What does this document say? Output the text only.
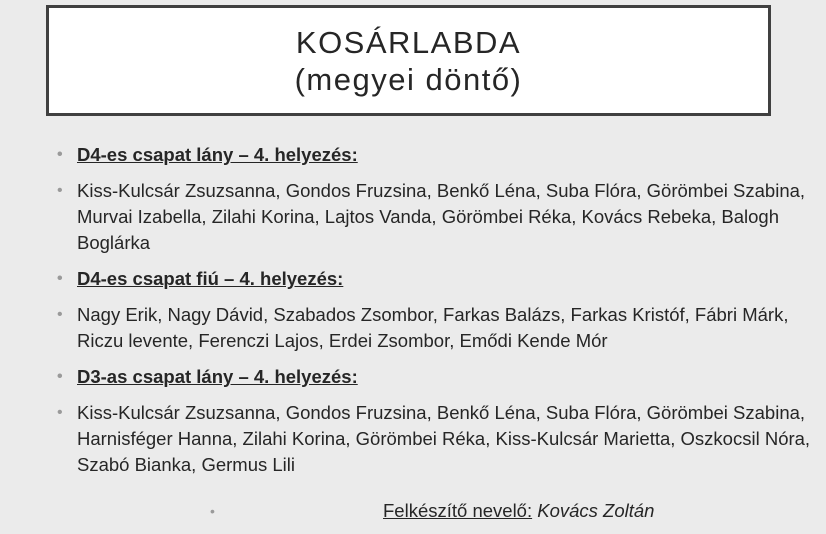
KOSÁRLABDA
(megyei döntő)
• D4-es csapat lány – 4. helyezés:
• Kiss-Kulcsár Zsuzsanna, Gondos Fruzsina, Benkő Léna, Suba Flóra, Görömbei Szabina, Murvai Izabella, Zilahi Korina, Lajtos Vanda, Görömbei Réka, Kovács Rebeka, Balogh Boglárka
• D4-es csapat fiú – 4. helyezés:
• Nagy Erik, Nagy Dávid, Szabados Zsombor, Farkas Balázs, Farkas Kristóf, Fábri Márk, Riczu levente, Ferenczi Lajos, Erdei Zsombor, Emődi Kende Mór
• D3-as csapat lány – 4. helyezés:
• Kiss-Kulcsár Zsuzsanna, Gondos Fruzsina, Benkő Léna, Suba Flóra, Görömbei Szabina, Harnisféger Hanna, Zilahi Korina, Görömbei Réka, Kiss-Kulcsár Marietta, Oszkocsil Nóra, Szabó Bianka, Germus Lili
•	Felkészítő nevelő: Kovács Zoltán
